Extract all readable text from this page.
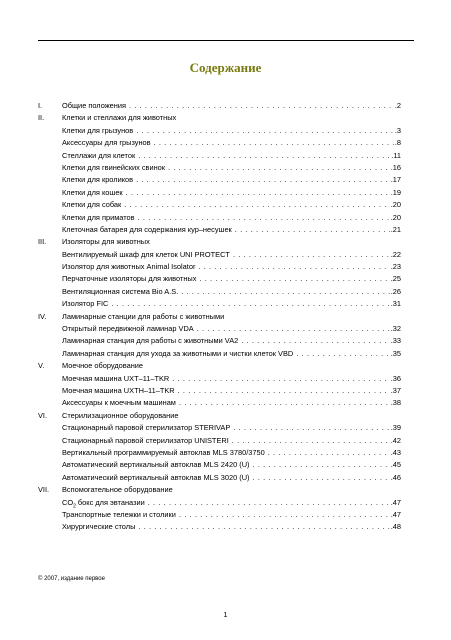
Содержание
I.	Общие положения . . .	.2
II.	Клетки и стеллажи для животных
Клетки для грызунов . . .	.3
Аксессуары для грызунов . . .	.8
Стеллажи для клеток . . .	.11
Клетки для гвинейских свинок . . .	.16
Клетки для кроликов . . .	.17
Клетки для кошек . . .	.19
Клетки для собак . . .	.20
Клетки для приматов . . .	.20
Клеточная батарея для содержания кур–несушек . . .	.21
III.	Изоляторы для животных
Вентилируемый шкаф для клеток UNI PROTECT . . .	.22
Изолятор для животных Animal Isolator . . .	.23
Перчаточные изоляторы для животных . . .	.25
Вентиляционная система Bio A.S. . . .	.26
Изолятор FIC . . .	.31
IV.	Ламинарные станции для работы с животными
Открытый передвижной ламинар VDA . . .	.32
Ламинарная станция для работы с животными VA2 . . .	.33
Ламинарная станция для ухода за животными и чистки клеток VBD . . .	.35
V.	Моечное оборудование
Моечная машина UXT–11–TKR . . .	.36
Моечная машина UXTH–11–TKR . . .	.37
Аксессуары к моечным машинам . . .	.38
VI.	Стерилизационное оборудование
Стационарный паровой стерилизатор STERIVAP . . .	.39
Стационарный паровой стерилизатор UNISTERI . . .	.42
Вертикальный программируемый автоклав MLS 3780/3750 . . .	.43
Автоматический вертикальный автоклав MLS 2420 (U) . . .	.45
Автоматический вертикальный автоклав MLS 3020 (U) . . .	.46
VII.	Вспомогательное оборудование
$CO_2$ бокс для эвтаназии . . .	.47
Транспортные тележки и столики . . .	.47
Хирургические столы . . .	.48
© 2007, издание первое
1
